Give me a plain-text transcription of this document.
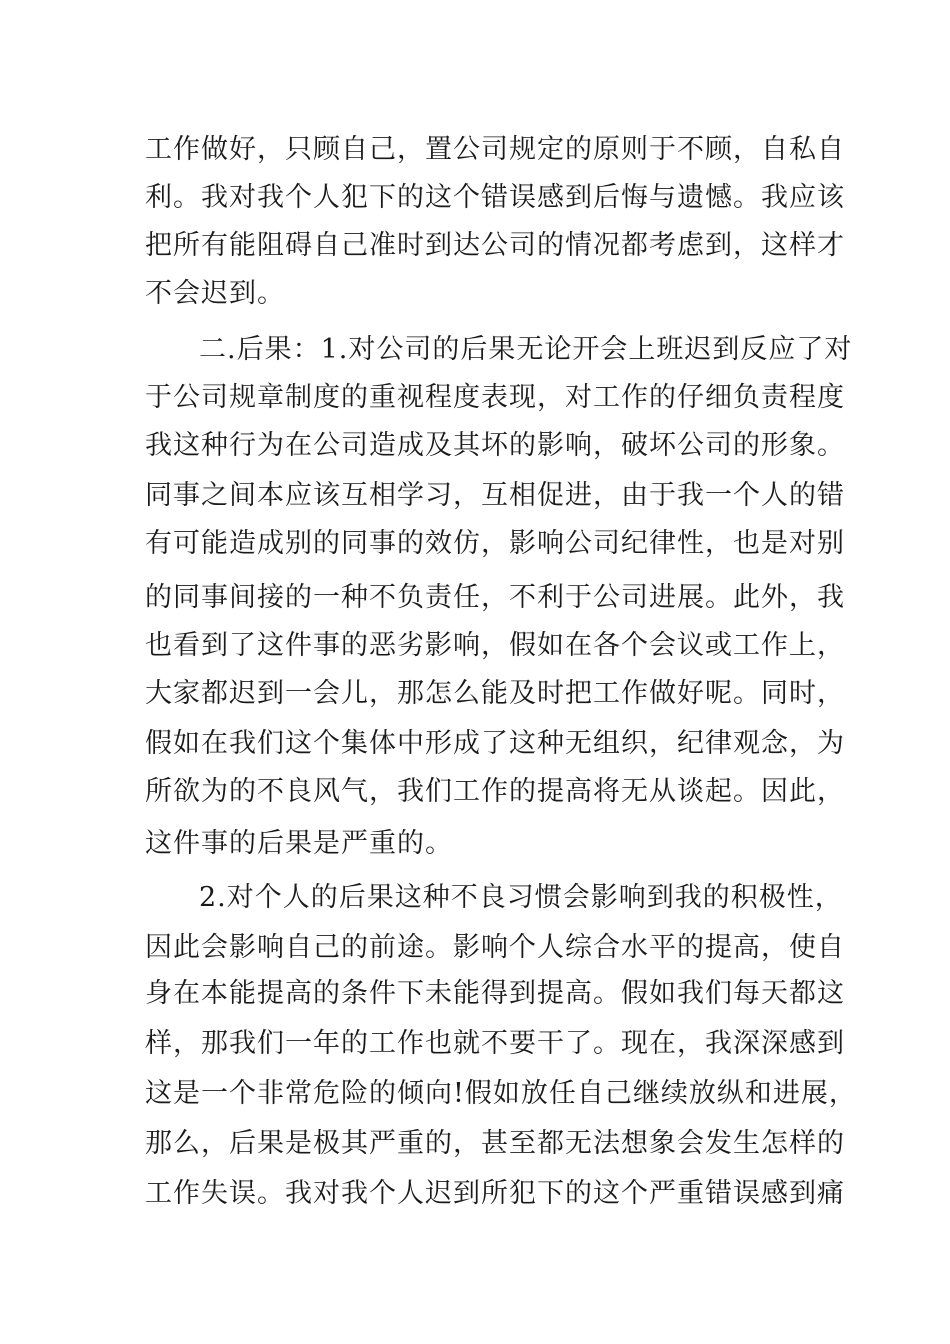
工作做好，只顾自己，置公司规定的原则于不顾，自私自
利。我对我个人犯下的这个错误感到后悔与遗憾。我应该
把所有能阻碍自己准时到达公司的情况都考虑到，这样才
不会迟到。
二.后果：1.对公司的后果无论开会上班迟到反应了对
于公司规章制度的重视程度表现，对工作的仔细负责程度
我这种行为在公司造成及其坏的影响，破坏公司的形象。
同事之间本应该互相学习，互相促进，由于我一个人的错
有可能造成别的同事的效仿，影响公司纪律性，也是对别
的同事间接的一种不负责任，不利于公司进展。此外，我
也看到了这件事的恶劣影响，假如在各个会议或工作上，
大家都迟到一会儿，那怎么能及时把工作做好呢。同时，
假如在我们这个集体中形成了这种无组织，纪律观念，为
所欲为的不良风气，我们工作的提高将无从谈起。因此，
这件事的后果是严重的。
2.对个人的后果这种不良习惯会影响到我的积极性，
因此会影响自己的前途。影响个人综合水平的提高，使自
身在本能提高的条件下未能得到提高。假如我们每天都这
样，那我们一年的工作也就不要干了。现在，我深深感到
这是一个非常危险的倾向!假如放任自己继续放纵和进展，
那么，后果是极其严重的，甚至都无法想象会发生怎样的
工作失误。我对我个人迟到所犯下的这个严重错误感到痛
